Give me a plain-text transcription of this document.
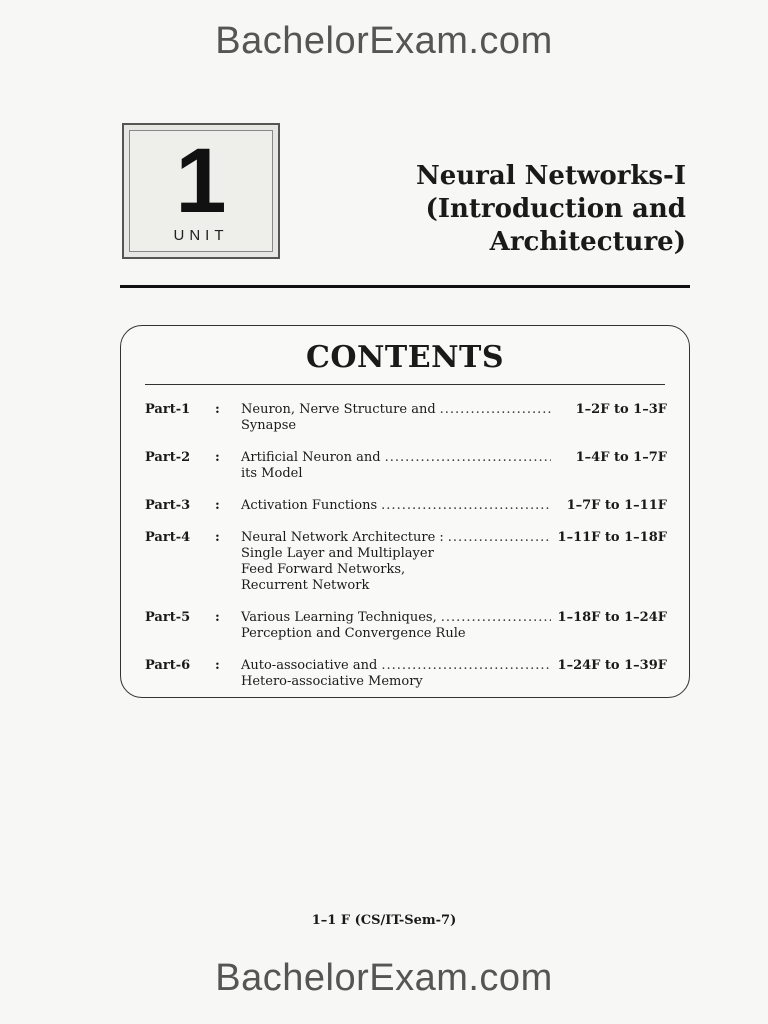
BachelorExam.com
1
UNIT
Neural Networks-I
(Introduction and
Architecture)
CONTENTS
Part-1	:	Neuron, Nerve Structure and
.....
Synapse
1–2F to 1–3F
Part-2	:	Artificial Neuron and
.....
its Model
1–4F to 1–7F
Part-3	:	Activation Functions
.....	1–7F to 1–11F
Part-4	:	Neural Network Architecture :
.....
Single Layer and Multiplayer
Feed Forward Networks,
Recurrent Network
1–11F to 1–18F
Part-5	:	Various Learning Techniques,
.....
Perception and Convergence Rule
1–18F to 1–24F
Part-6	:	Auto-associative and
.....
Hetero-associative Memory
1–24F to 1–39F
1–1 F (CS/IT-Sem-7)
BachelorExam.com
